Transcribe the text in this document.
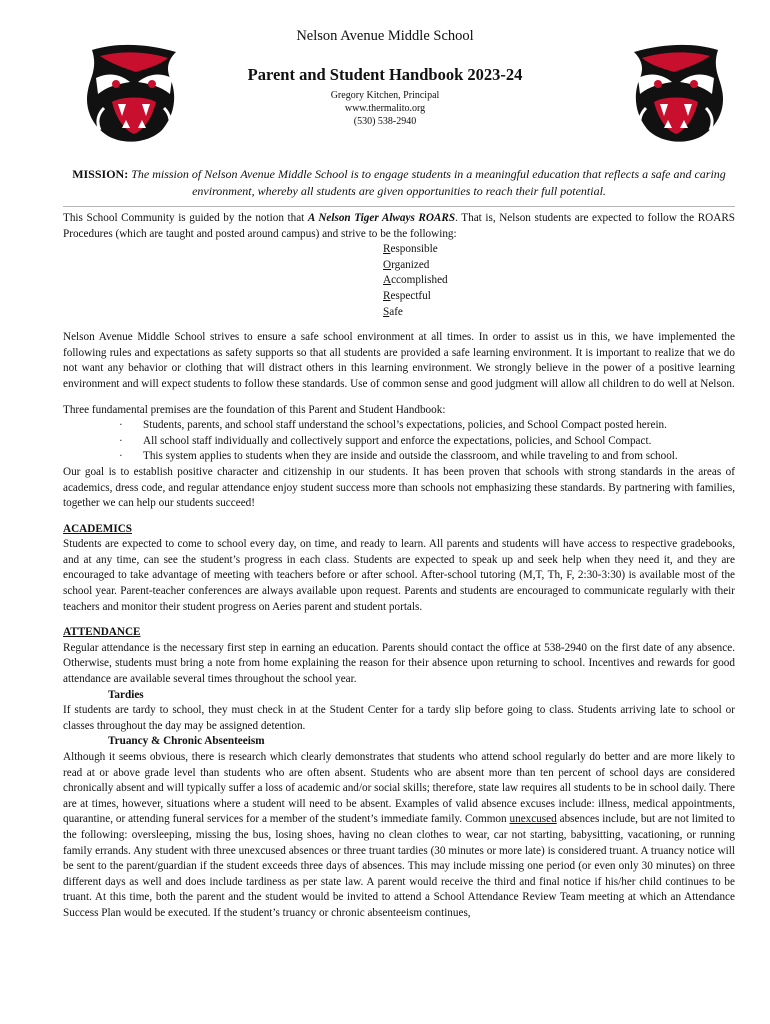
Nelson Avenue Middle School

Parent and Student Handbook 2023-24

Gregory Kitchen, Principal

www.thermalito.org

(530) 538-2940

MISSION: The mission of Nelson Avenue Middle School is to engage students in a meaningful education that reflects a safe and caring environment, whereby all students are given opportunities to reach their full potential.

This School Community is guided by the notion that A Nelson Tiger Always ROARS. That is, Nelson students are expected to follow the ROARS Procedures (which are taught and posted around campus) and strive to be the following:

Responsible
Organized
Accomplished
Respectful
Safe

Nelson Avenue Middle School strives to ensure a safe school environment at all times. In order to assist us in this, we have implemented the following rules and expectations as safety supports so that all students are provided a safe learning environment. It is important to realize that we do not want any behavior or clothing that will distract others in this learning environment. We strongly believe in the power of a positive learning environment and will expect students to follow these standards. Use of common sense and good judgment will allow all children to do well at Nelson.

Three fundamental premises are the foundation of this Parent and Student Handbook:

· Students, parents, and school staff understand the school’s expectations, policies, and School Compact posted herein.
· All school staff individually and collectively support and enforce the expectations, policies, and School Compact.
· This system applies to students when they are inside and outside the classroom, and while traveling to and from school.

Our goal is to establish positive character and citizenship in our students. It has been proven that schools with strong standards in the areas of academics, dress code, and regular attendance enjoy student success more than schools not emphasizing these standards. By partnering with families, together we can help our students succeed!

ACADEMICS

Students are expected to come to school every day, on time, and ready to learn. All parents and students will have access to respective gradebooks, and at any time, can see the student’s progress in each class. Students are expected to speak up and seek help when they need it, and they are encouraged to take advantage of meeting with teachers before or after school. After-school tutoring (M,T, Th, F, 2:30-3:30) is available most of the school year. Parent-teacher conferences are always available upon request. Parents and students are encouraged to communicate regularly with their teachers and monitor their student progress on Aeries parent and student portals.

ATTENDANCE

Regular attendance is the necessary first step in earning an education. Parents should contact the office at 538-2940 on the first date of any absence. Otherwise, students must bring a note from home explaining the reason for their absence upon returning to school. Incentives and rewards for good attendance are available several times throughout the school year.

Tardies

If students are tardy to school, they must check in at the Student Center for a tardy slip before going to class. Students arriving late to school or classes throughout the day may be assigned detention.

Truancy & Chronic Absenteeism

Although it seems obvious, there is research which clearly demonstrates that students who attend school regularly do better and are more likely to read at or above grade level than students who are often absent. Students who are absent more than ten percent of school days are considered chronically absent and will typically suffer a loss of academic and/or social skills; therefore, state law requires all students to be in school daily. There are at times, however, situations where a student will need to be absent. Examples of valid absence excuses include: illness, medical appointments, quarantine, or attending funeral services for a member of the student’s immediate family. Common unexcused absences include, but are not limited to the following: oversleeping, missing the bus, losing shoes, having no clean clothes to wear, car not starting, babysitting, vacationing, or running family errands. Any student with three unexcused absences or three truant tardies (30 minutes or more late) is considered truant. A truancy notice will be sent to the parent/guardian if the student exceeds three days of absences. This may include missing one period (or even only 30 minutes) on three different days as well and does include tardiness as per state law. A parent would receive the third and final notice if his/her child continues to be truant. At this time, both the parent and the student would be invited to attend a School Attendance Review Team meeting at which an Attendance Success Plan would be executed. If the student’s truancy or chronic absenteeism continues,
